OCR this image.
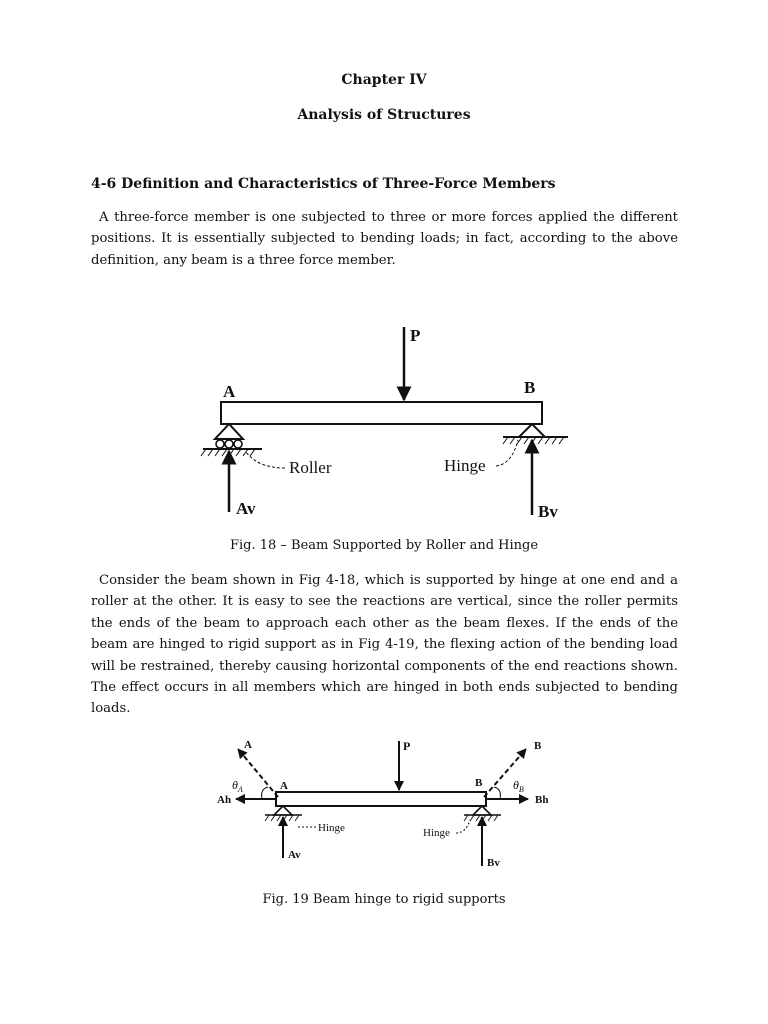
Chapter IV
Analysis of Structures
4-6 Definition and Characteristics of Three-Force Members
A three-force member is one subjected to three or more forces applied the different positions. It is essentially subjected to bending loads; in fact, according to the above definition, any beam is a three force member.
P
A	B
Roller	Hinge
Av	Bv
Fig. 18 – Beam Supported by Roller and Hinge
Consider the beam shown in Fig 4-18, which is supported by hinge at one end and a roller at the other. It is easy to see the reactions are vertical, since the roller permits the ends of the beam to approach each other as the beam flexes. If the ends of the beam are hinged to rigid support as in Fig 4-19, the flexing action of the bending load will be restrained, thereby causing horizontal components of the end reactions shown. The effect occurs in all members which are hinged in both ends subjected to bending loads.
P
A
Ah
$\theta_A$	A
B
Bh
$\theta_B$
B
Hinge	Hinge
Av
Bv
Fig. 19 Beam hinge to rigid supports
